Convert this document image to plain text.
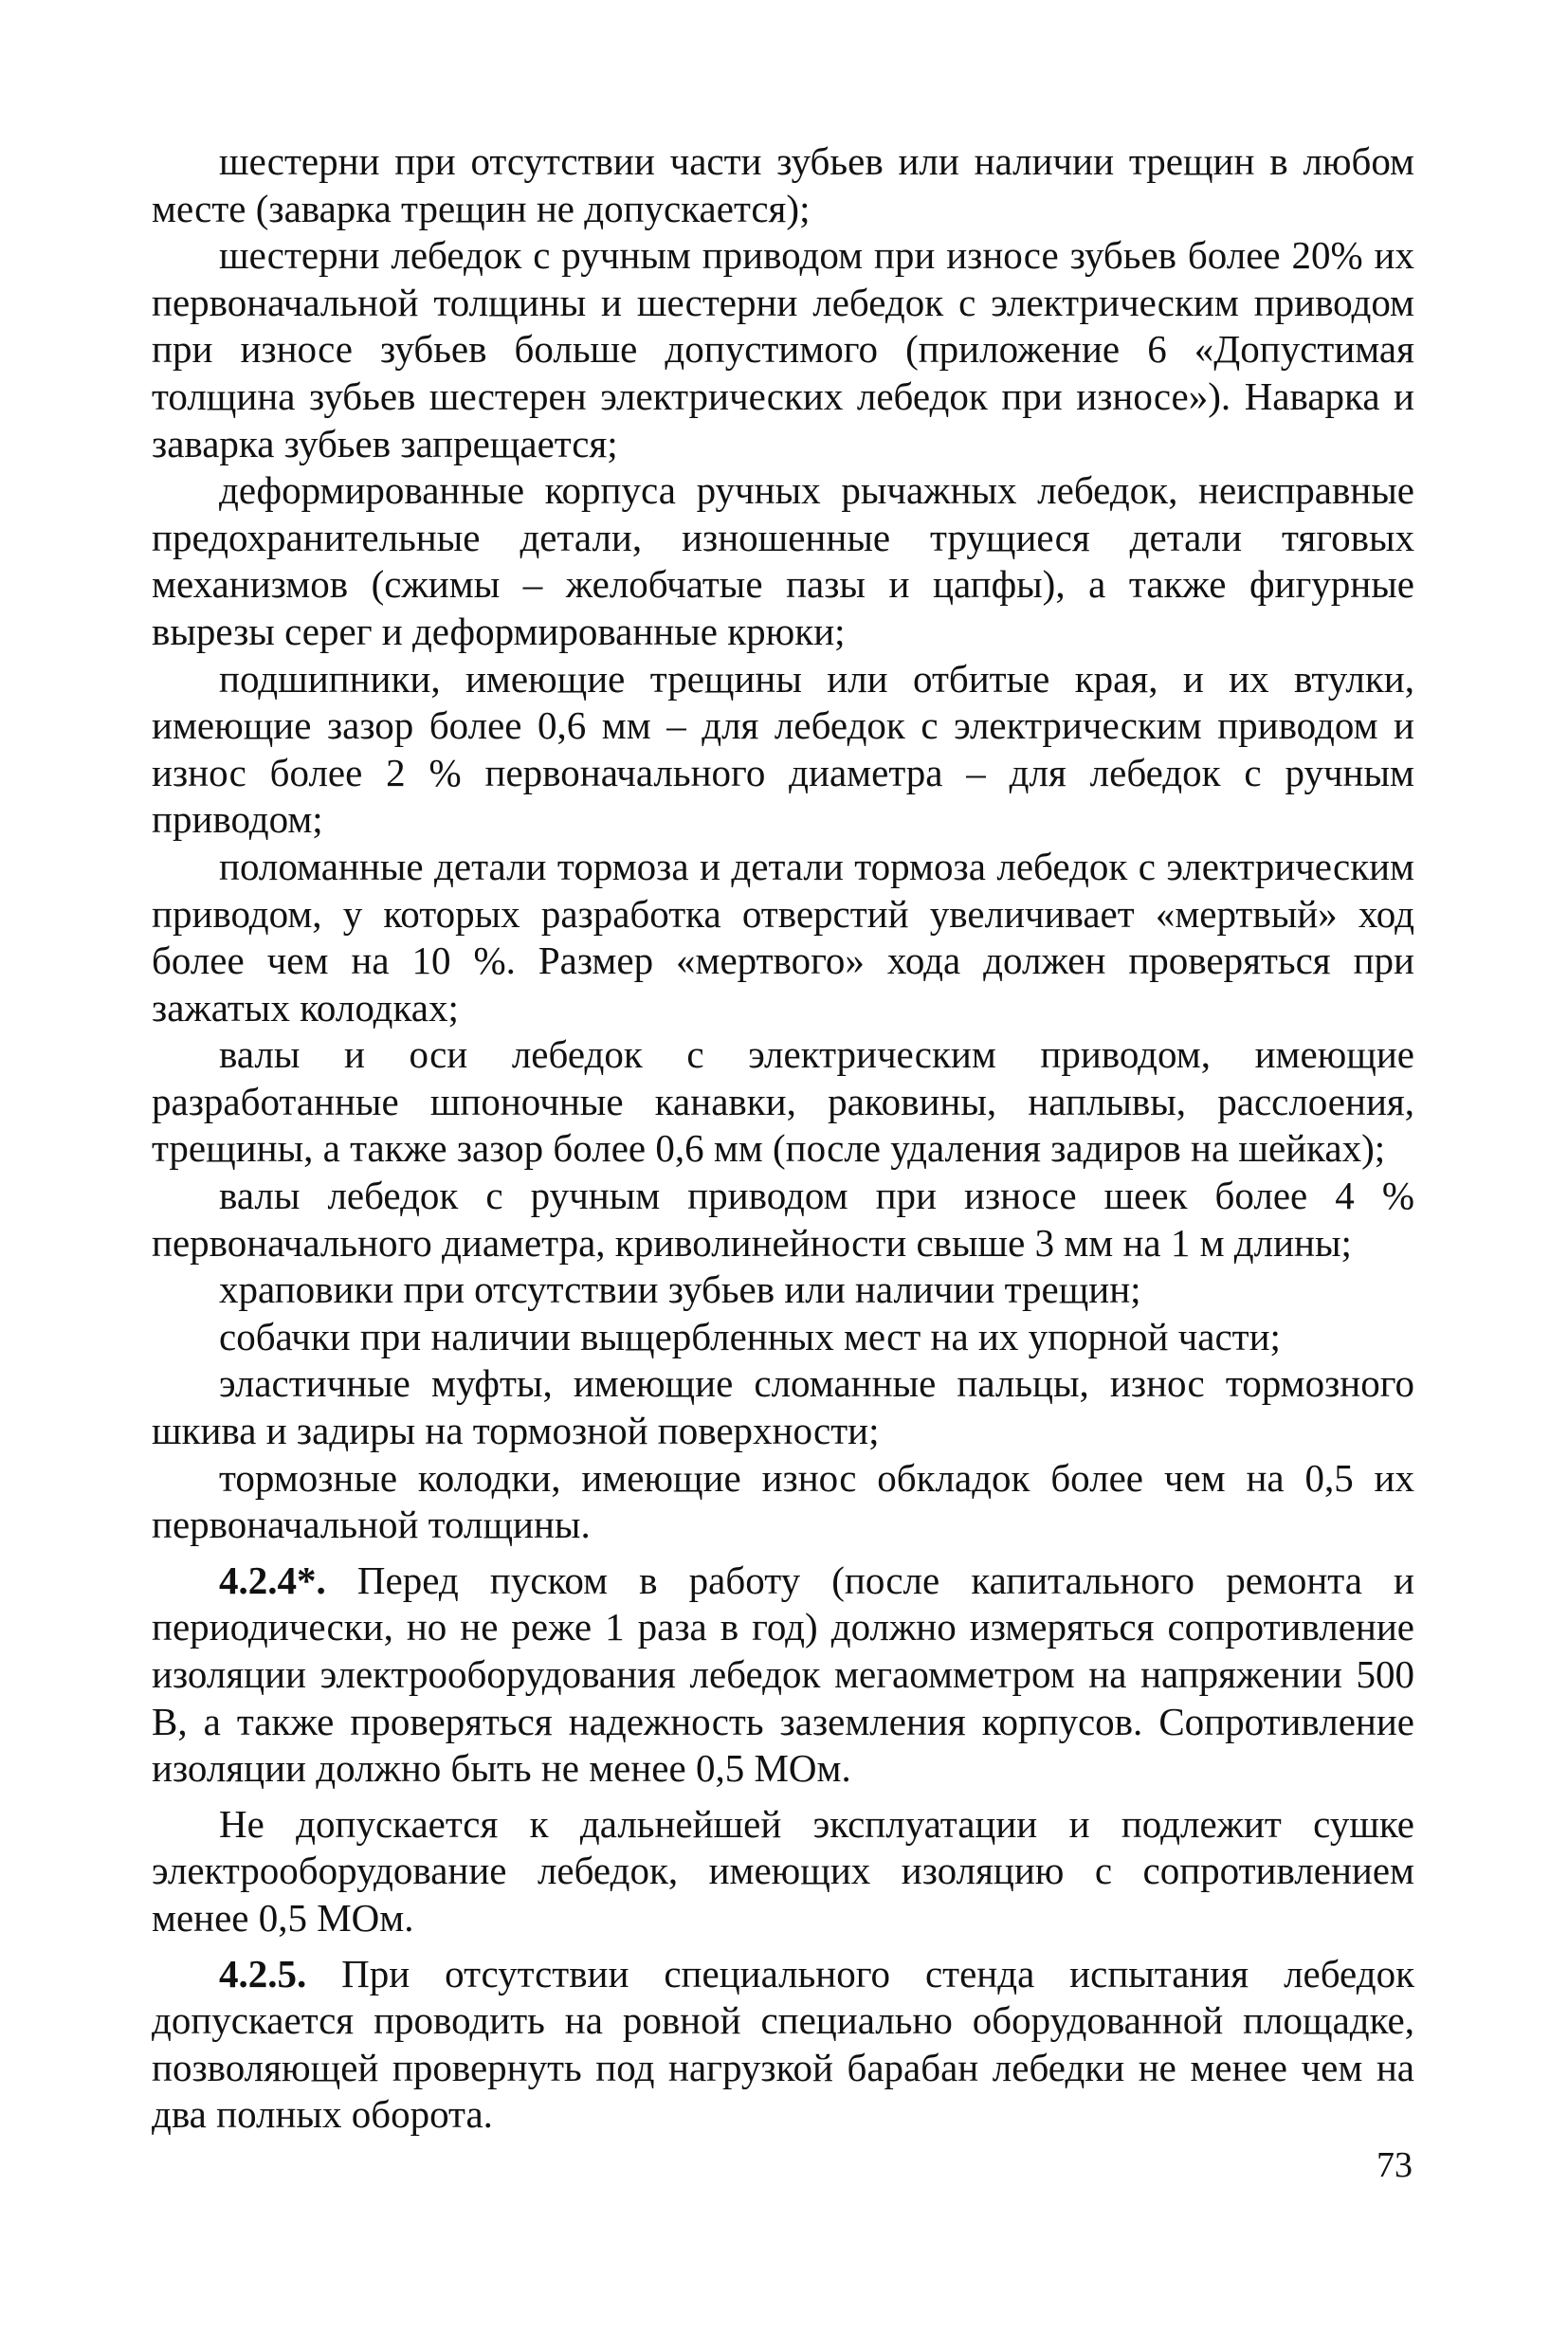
шестерни при отсутствии части зубьев или наличии трещин в любом месте (заварка трещин не допускается);

шестерни лебедок с ручным приводом при износе зубьев более 20% их первоначальной толщины и шестерни лебедок с электрическим приводом при износе зубьев больше допустимого (приложение 6 «Допустимая толщина зубьев шестерен электрических лебедок при износе»). Наварка и заварка зубьев запрещается;

деформированные корпуса ручных рычажных лебедок, неисправные предохранительные детали, изношенные трущиеся детали тяговых механизмов (сжимы – желобчатые пазы и цапфы), а также фигурные вырезы серег и деформированные крюки;

подшипники, имеющие трещины или отбитые края, и их втулки, имеющие зазор более 0,6 мм – для лебедок с электрическим приводом и износ более 2 % первоначального диаметра – для лебедок с ручным приводом;

поломанные детали тормоза и детали тормоза лебедок с электрическим приводом, у которых разработка отверстий увеличивает «мертвый» ход более чем на 10 %. Размер «мертвого» хода должен проверяться при зажатых колодках;

валы и оси лебедок с электрическим приводом, имеющие разработанные шпоночные канавки, раковины, наплывы, расслоения, трещины, а также зазор более 0,6 мм (после удаления задиров на шейках);

валы лебедок с ручным приводом при износе шеек более 4 % первоначального диаметра, криволинейности свыше 3 мм на 1 м длины;

храповики при отсутствии зубьев или наличии трещин;

собачки при наличии выщербленных мест на их упорной части;

эластичные муфты, имеющие сломанные пальцы, износ тормозного шкива и задиры на тормозной поверхности;

тормозные колодки, имеющие износ обкладок более чем на 0,5 их первоначальной толщины.

4.2.4*. Перед пуском в работу (после капитального ремонта и периодически, но не реже 1 раза в год) должно измеряться сопротивление изоляции электрооборудования лебедок мегаомметром на напряжении 500 В, а также проверяться надежность заземления корпусов. Сопротивление изоляции должно быть не менее 0,5 МОм.

Не допускается к дальнейшей эксплуатации и подлежит сушке электрооборудование лебедок, имеющих изоляцию с сопротивлением менее 0,5 МОм.

4.2.5. При отсутствии специального стенда испытания лебедок допускается проводить на ровной специально оборудованной площадке, позволяющей провернуть под нагрузкой барабан лебедки не менее чем на два полных оборота.

73
